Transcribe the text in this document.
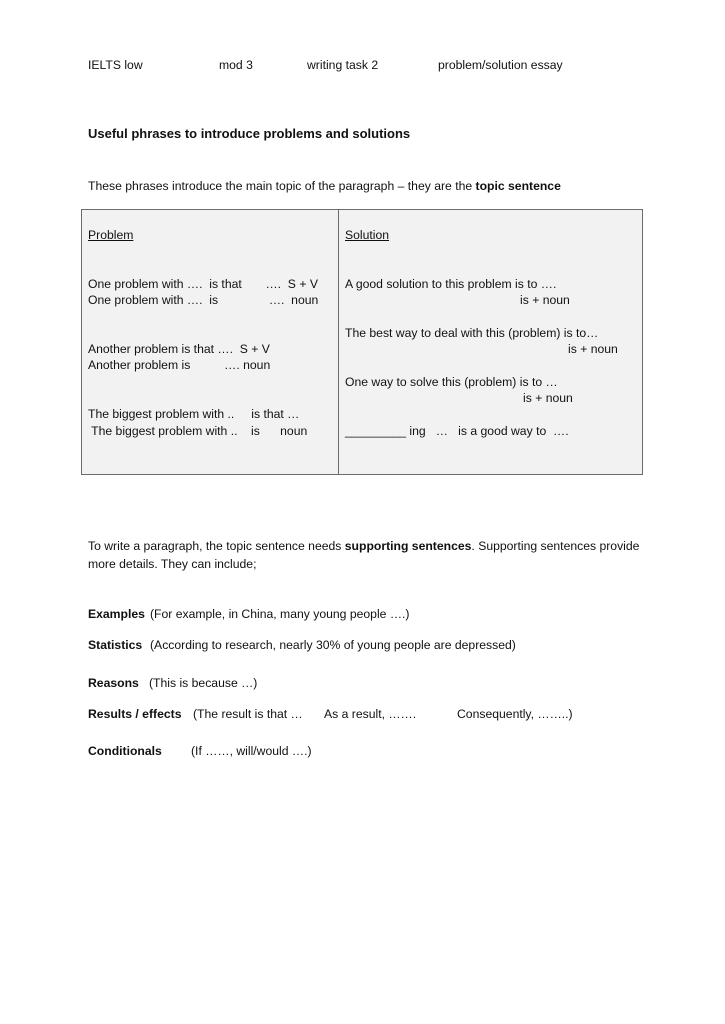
IELTS low	mod 3	writing task 2	problem/solution essay
Useful phrases to introduce problems and solutions
These phrases introduce the main topic of the paragraph – they are the topic sentence
Problem
One problem with ….  is that       ….  S + V
One problem with ….  is               ….  noun
Another problem is that ….  S + V
Another problem is          …. noun
The biggest problem with ..     is that …
The biggest problem with ..    is      noun
Solution
A good solution to this problem is to ….
is + noun
The best way to deal with this (problem) is to…
is + noun
One way to solve this (problem) is to …
is + noun
_________ ing   …   is a good way to  ….
To write a paragraph, the topic sentence needs supporting sentences. Supporting sentences provide
more details. They can include;
Examples (For example, in China, many young people ….)
Statistics (According to research, nearly 30% of young people are depressed)
Reasons (This is because …)
Results / effects (The result is that … As a result, …….	Consequently, ……..)
Conditionals (If ……, will/would ….)
